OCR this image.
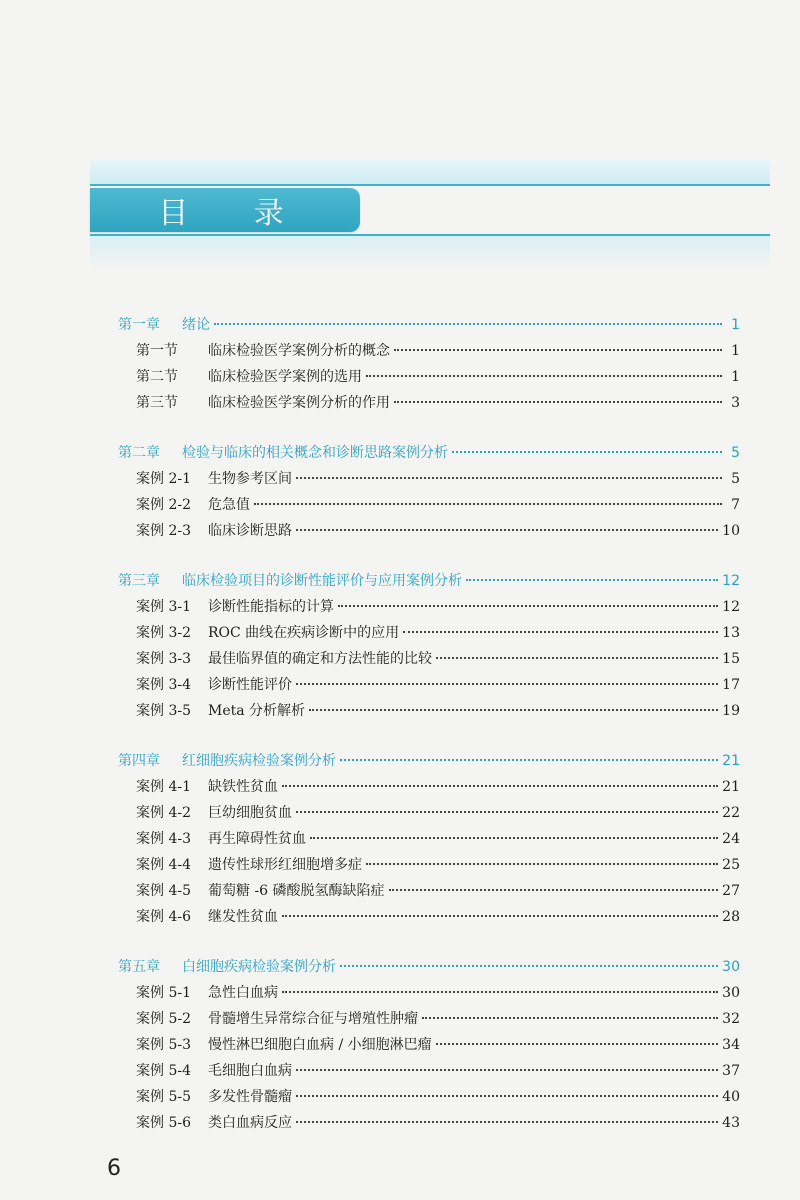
目 录
第一章	绪论	1
第一节	临床检验医学案例分析的概念	1
第二节	临床检验医学案例的选用	1
第三节	临床检验医学案例分析的作用	3
第二章	检验与临床的相关概念和诊断思路案例分析	5
案例 2-1	生物参考区间	5
案例 2-2	危急值	7
案例 2-3	临床诊断思路	10
第三章	临床检验项目的诊断性能评价与应用案例分析	12
案例 3-1	诊断性能指标的计算	12
案例 3-2	ROC 曲线在疾病诊断中的应用	13
案例 3-3	最佳临界值的确定和方法性能的比较	15
案例 3-4	诊断性能评价	17
案例 3-5	Meta 分析解析	19
第四章	红细胞疾病检验案例分析	21
案例 4-1	缺铁性贫血	21
案例 4-2	巨幼细胞贫血	22
案例 4-3	再生障碍性贫血	24
案例 4-4	遗传性球形红细胞增多症	25
案例 4-5	葡萄糖 -6 磷酸脱氢酶缺陷症	27
案例 4-6	继发性贫血	28
第五章	白细胞疾病检验案例分析	30
案例 5-1	急性白血病	30
案例 5-2	骨髓增生异常综合征与增殖性肿瘤	32
案例 5-3	慢性淋巴细胞白血病 / 小细胞淋巴瘤	34
案例 5-4	毛细胞白血病	37
案例 5-5	多发性骨髓瘤	40
案例 5-6	类白血病反应	43
6
